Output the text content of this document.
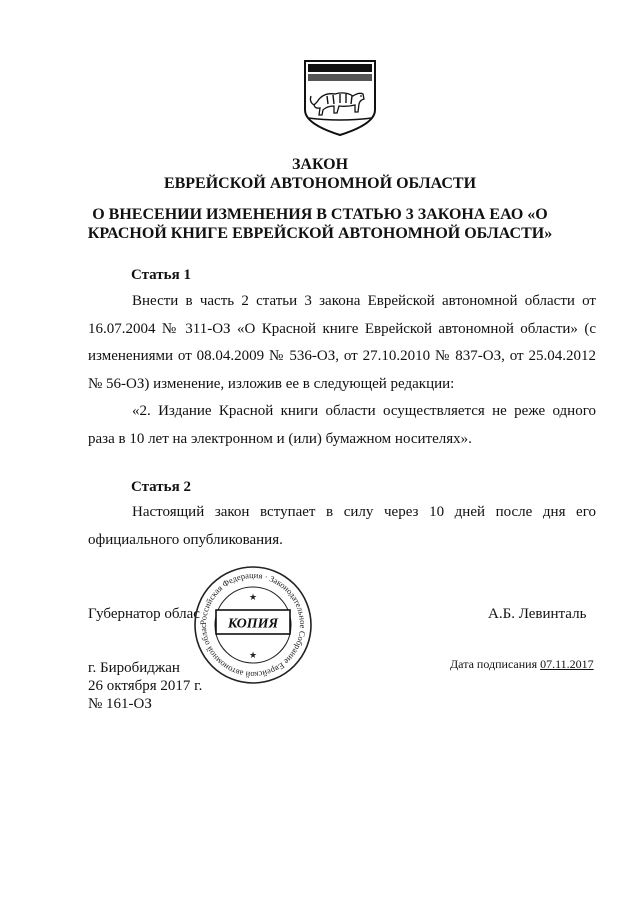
ЗАКОН
ЕВРЕЙСКОЙ АВТОНОМНОЙ ОБЛАСТИ
О ВНЕСЕНИИ ИЗМЕНЕНИЯ В СТАТЬЮ 3 ЗАКОНА ЕАО «О
КРАСНОЙ КНИГЕ ЕВРЕЙСКОЙ АВТОНОМНОЙ ОБЛАСТИ»
Статья 1
Внести в часть 2 статьи 3 закона Еврейской автономной области от
16.07.2004 № 311-ОЗ «О Красной книге Еврейской автономной области» (с
изменениями от 08.04.2009 № 536-ОЗ, от 27.10.2010 № 837-ОЗ, от 25.04.2012
№ 56-ОЗ) изменение, изложив ее в следующей редакции:
«2. Издание Красной книги области осуществляется не реже одного
раза в 10 лет на электронном и (или) бумажном носителях».
Статья 2
Настоящий закон вступает в силу через 10 дней после дня его
официального опубликования.
Губернатор облас	А.Б. Левинталь
Российская Федерация · Законодательное Собрание Еврейской автономной облас	КОПИЯ
★
★
Дата подписания 07.11.2017
г. Биробиджан
26 октября 2017 г.
№ 161-ОЗ
